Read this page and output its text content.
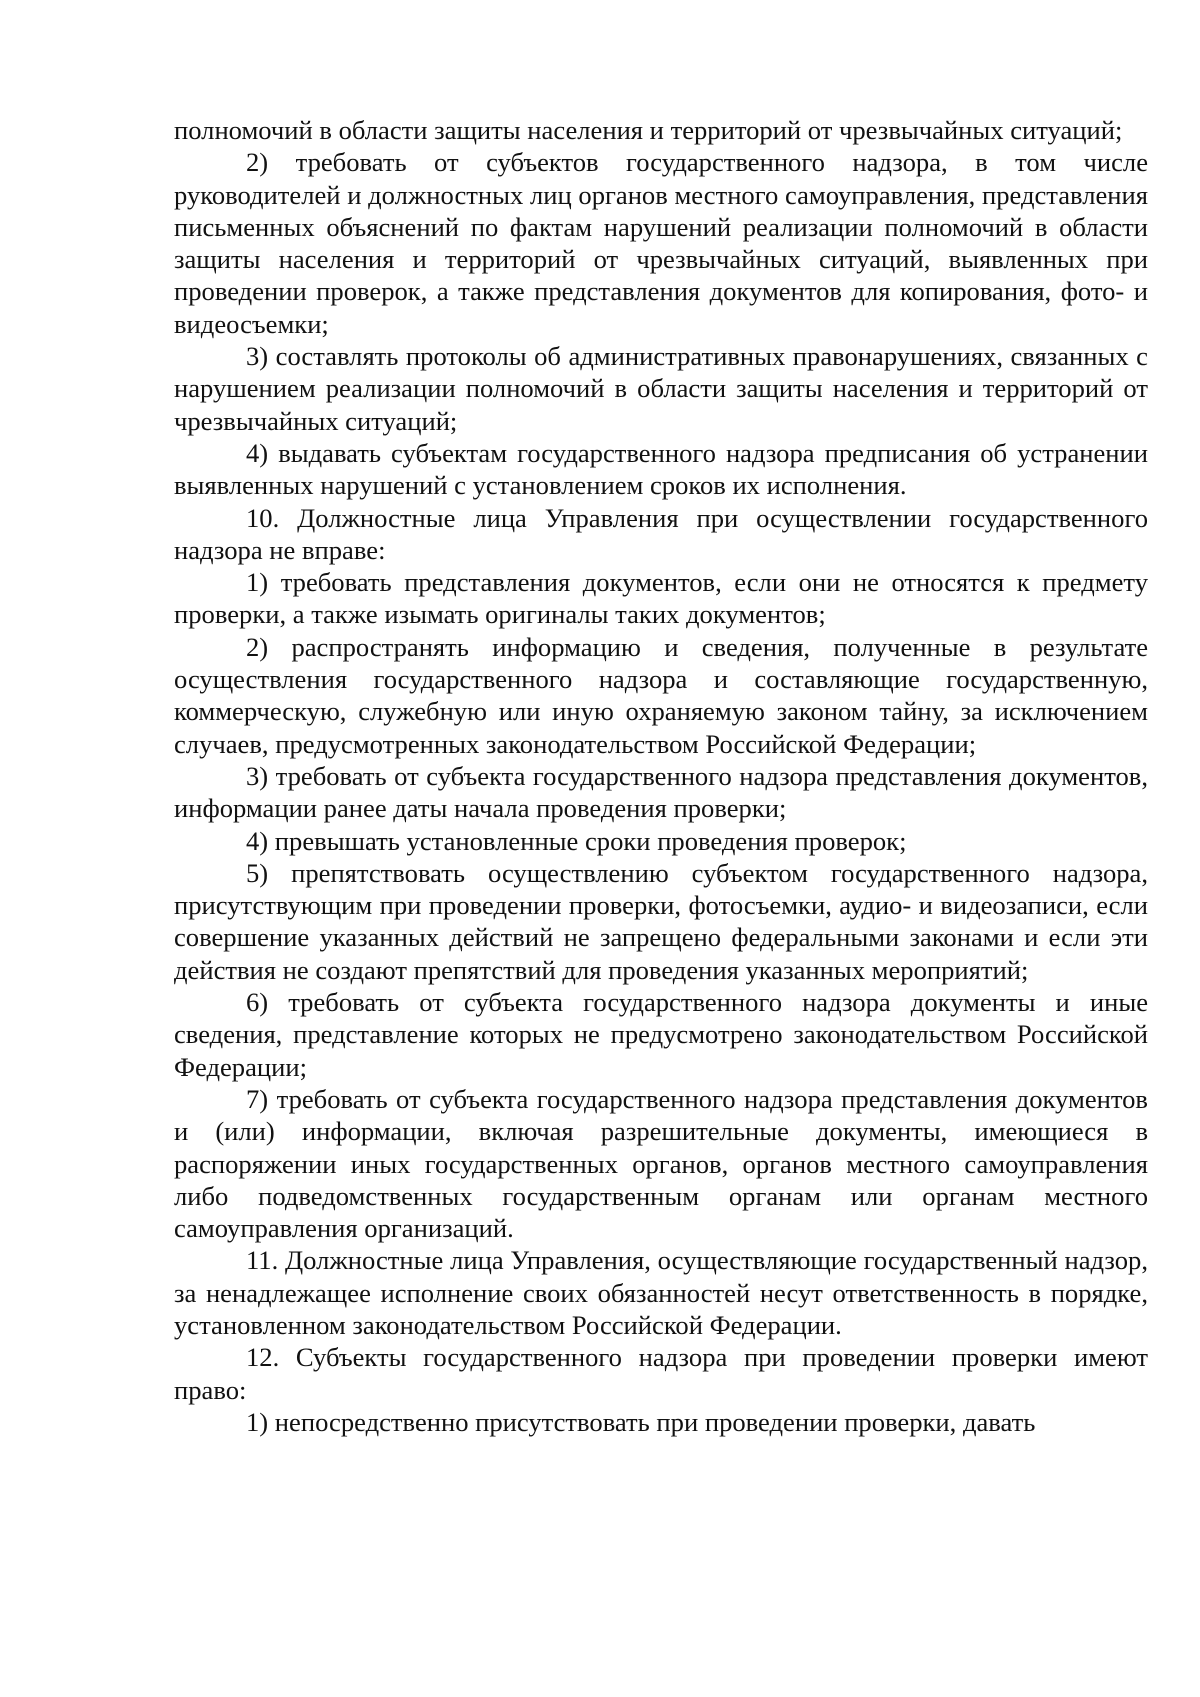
полномочий в области защиты населения и территорий от чрезвычайных ситуаций;

2) требовать от субъектов государственного надзора, в том числе руководителей и должностных лиц органов местного самоуправления, представления письменных объяснений по фактам нарушений реализации полномочий в области защиты населения и территорий от чрезвычайных ситуаций, выявленных при проведении проверок, а также представления документов для копирования, фото- и видеосъемки;

3) составлять протоколы об административных правонарушениях, связанных с нарушением реализации полномочий в области защиты населения и территорий от чрезвычайных ситуаций;

4) выдавать субъектам государственного надзора предписания об устранении выявленных нарушений с установлением сроков их исполнения.

10. Должностные лица Управления при осуществлении государственного надзора не вправе:

1) требовать представления документов, если они не относятся к предмету проверки, а также изымать оригиналы таких документов;

2) распространять информацию и сведения, полученные в результате осуществления государственного надзора и составляющие государственную, коммерческую, служебную или иную охраняемую законом тайну, за исключением случаев, предусмотренных законодательством Российской Федерации;

3) требовать от субъекта государственного надзора представления документов, информации ранее даты начала проведения проверки;

4) превышать установленные сроки проведения проверок;

5) препятствовать осуществлению субъектом государственного надзора, присутствующим при проведении проверки, фотосъемки, аудио- и видеозаписи, если совершение указанных действий не запрещено федеральными законами и если эти действия не создают препятствий для проведения указанных мероприятий;

6) требовать от субъекта государственного надзора документы и иные сведения, представление которых не предусмотрено законодательством Российской Федерации;

7) требовать от субъекта государственного надзора представления документов и (или) информации, включая разрешительные документы, имеющиеся в распоряжении иных государственных органов, органов местного самоуправления либо подведомственных государственным органам или органам местного самоуправления организаций.

11. Должностные лица Управления, осуществляющие государственный надзор, за ненадлежащее исполнение своих обязанностей несут ответственность в порядке, установленном законодательством Российской Федерации.

12. Субъекты государственного надзора при проведении проверки имеют право:

1) непосредственно присутствовать при проведении проверки, давать
